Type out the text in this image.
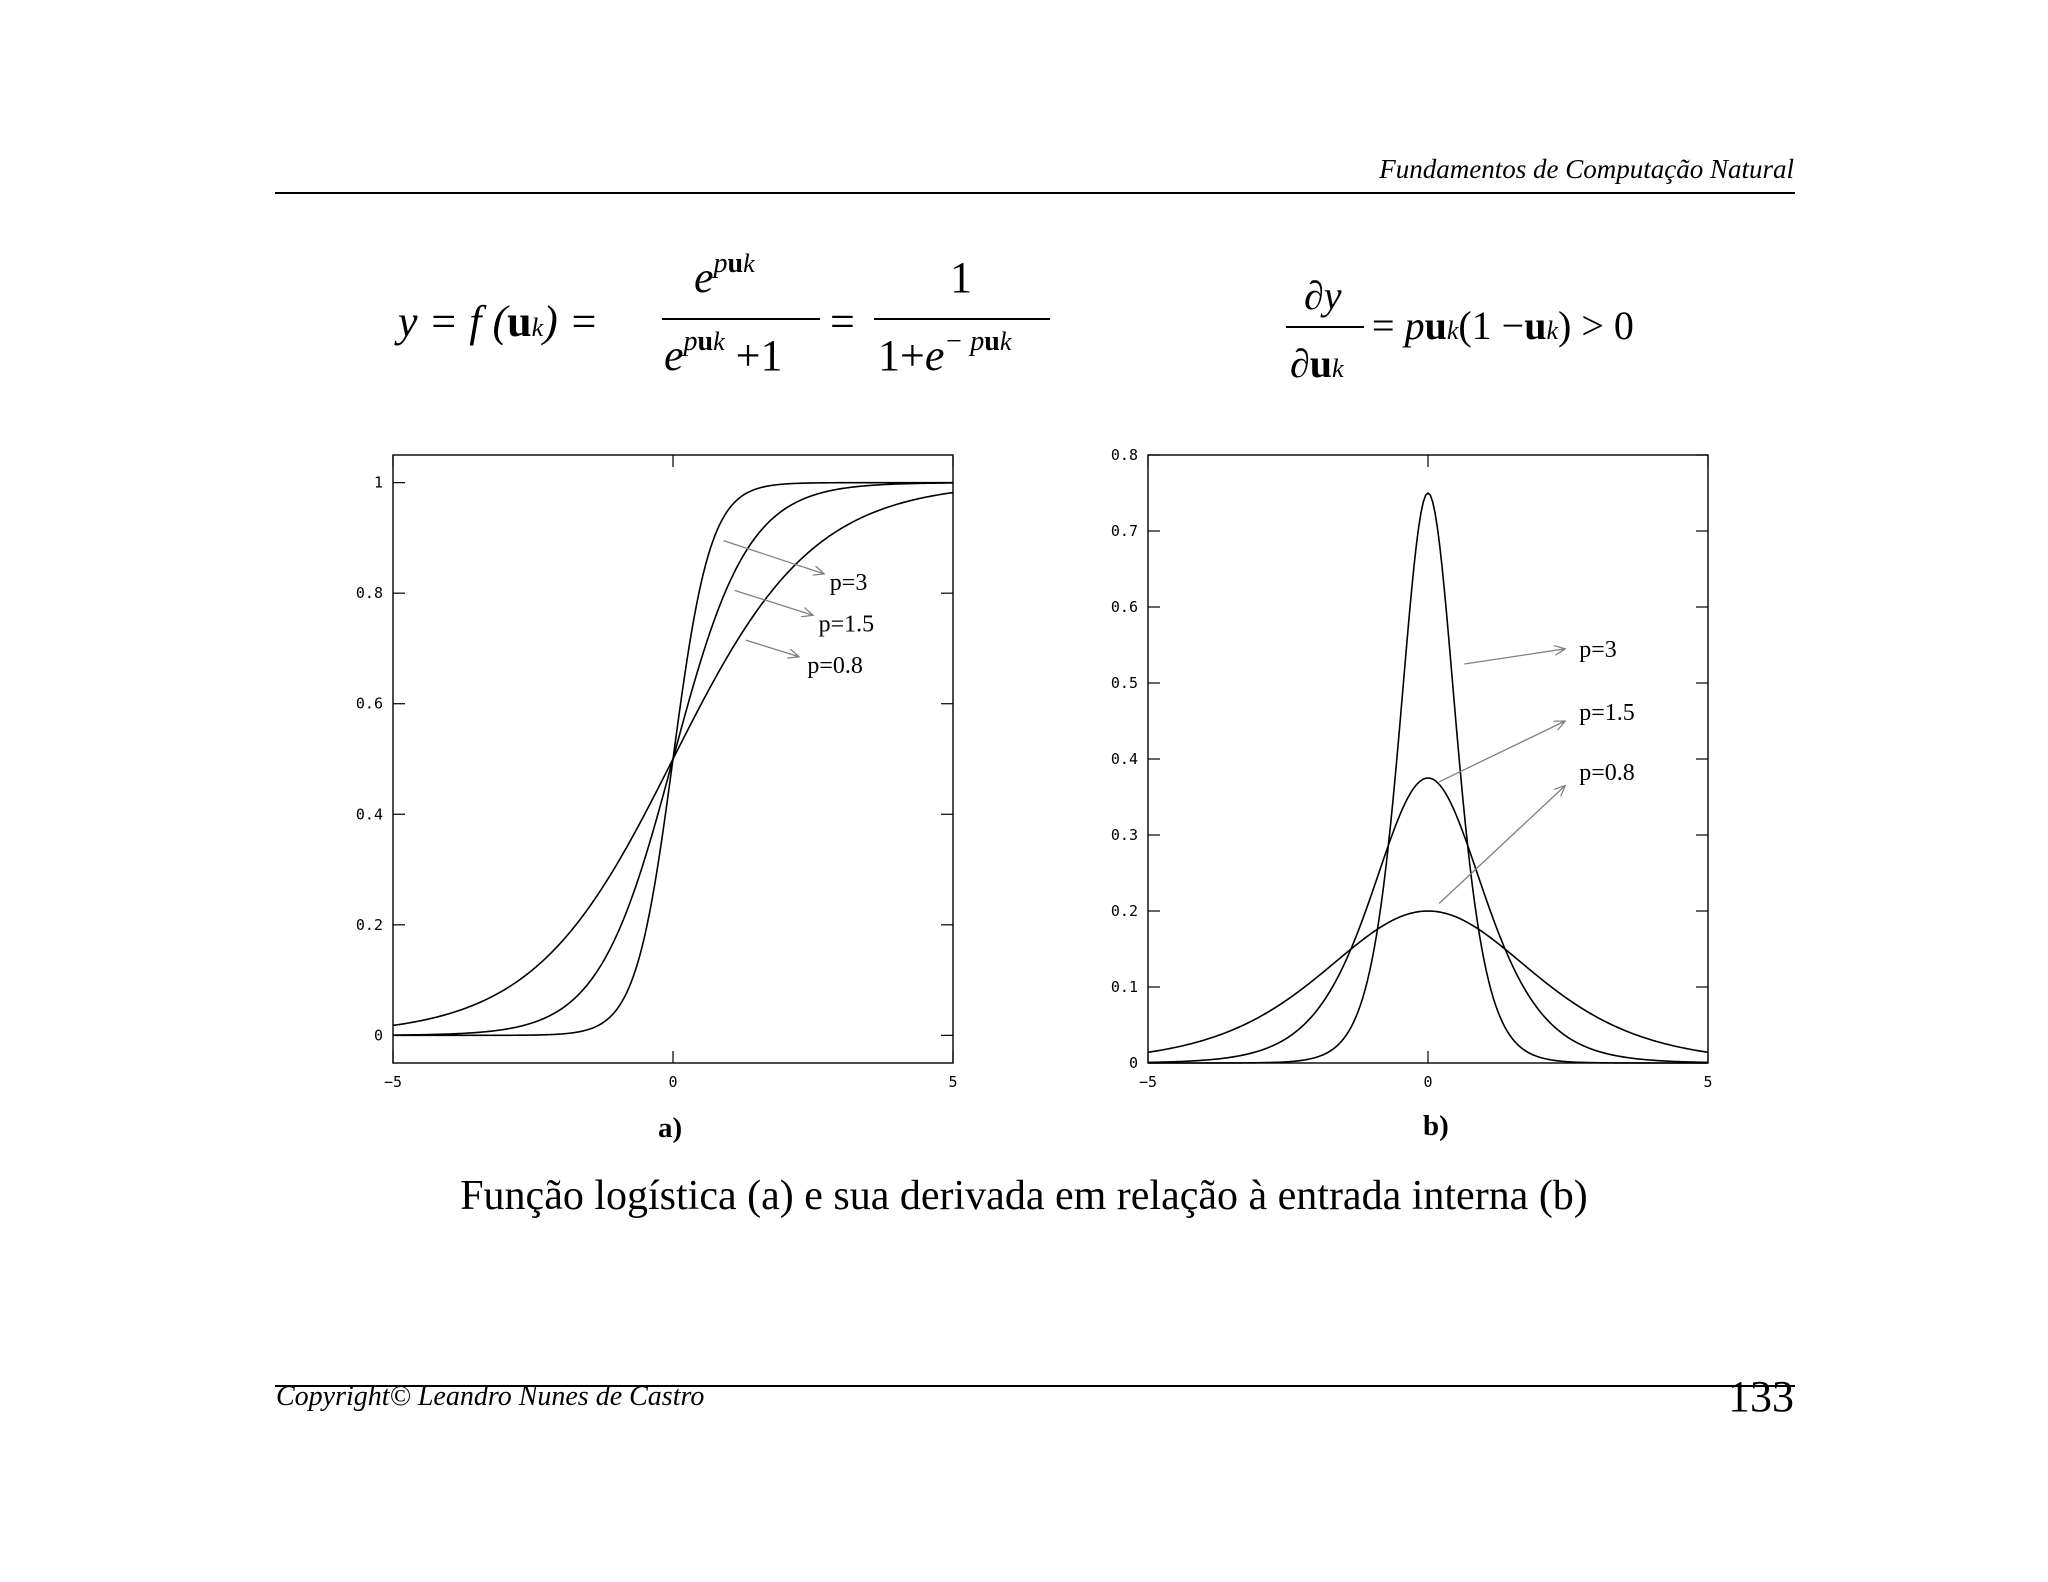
Fundamentos de Computação Natural
y = f (uk) =
$e^{puk}$
$e^{puk} +1$
=
1
$1+e^{- puk}$
∂y
∂uk
= puk(1 −uk) > 0
0
0.2
0.4
0.6
0.8
1
−5	0	5
p=3
p=1.5
p=0.8
0
0.1
0.2
0.3
0.4
0.5
0.6
0.7
0.8
−5	0	5
p=3
p=1.5
p=0.8
a)	b)
Função logística (a) e sua derivada em relação à entrada interna (b)
Copyright© Leandro Nunes de Castro	133
